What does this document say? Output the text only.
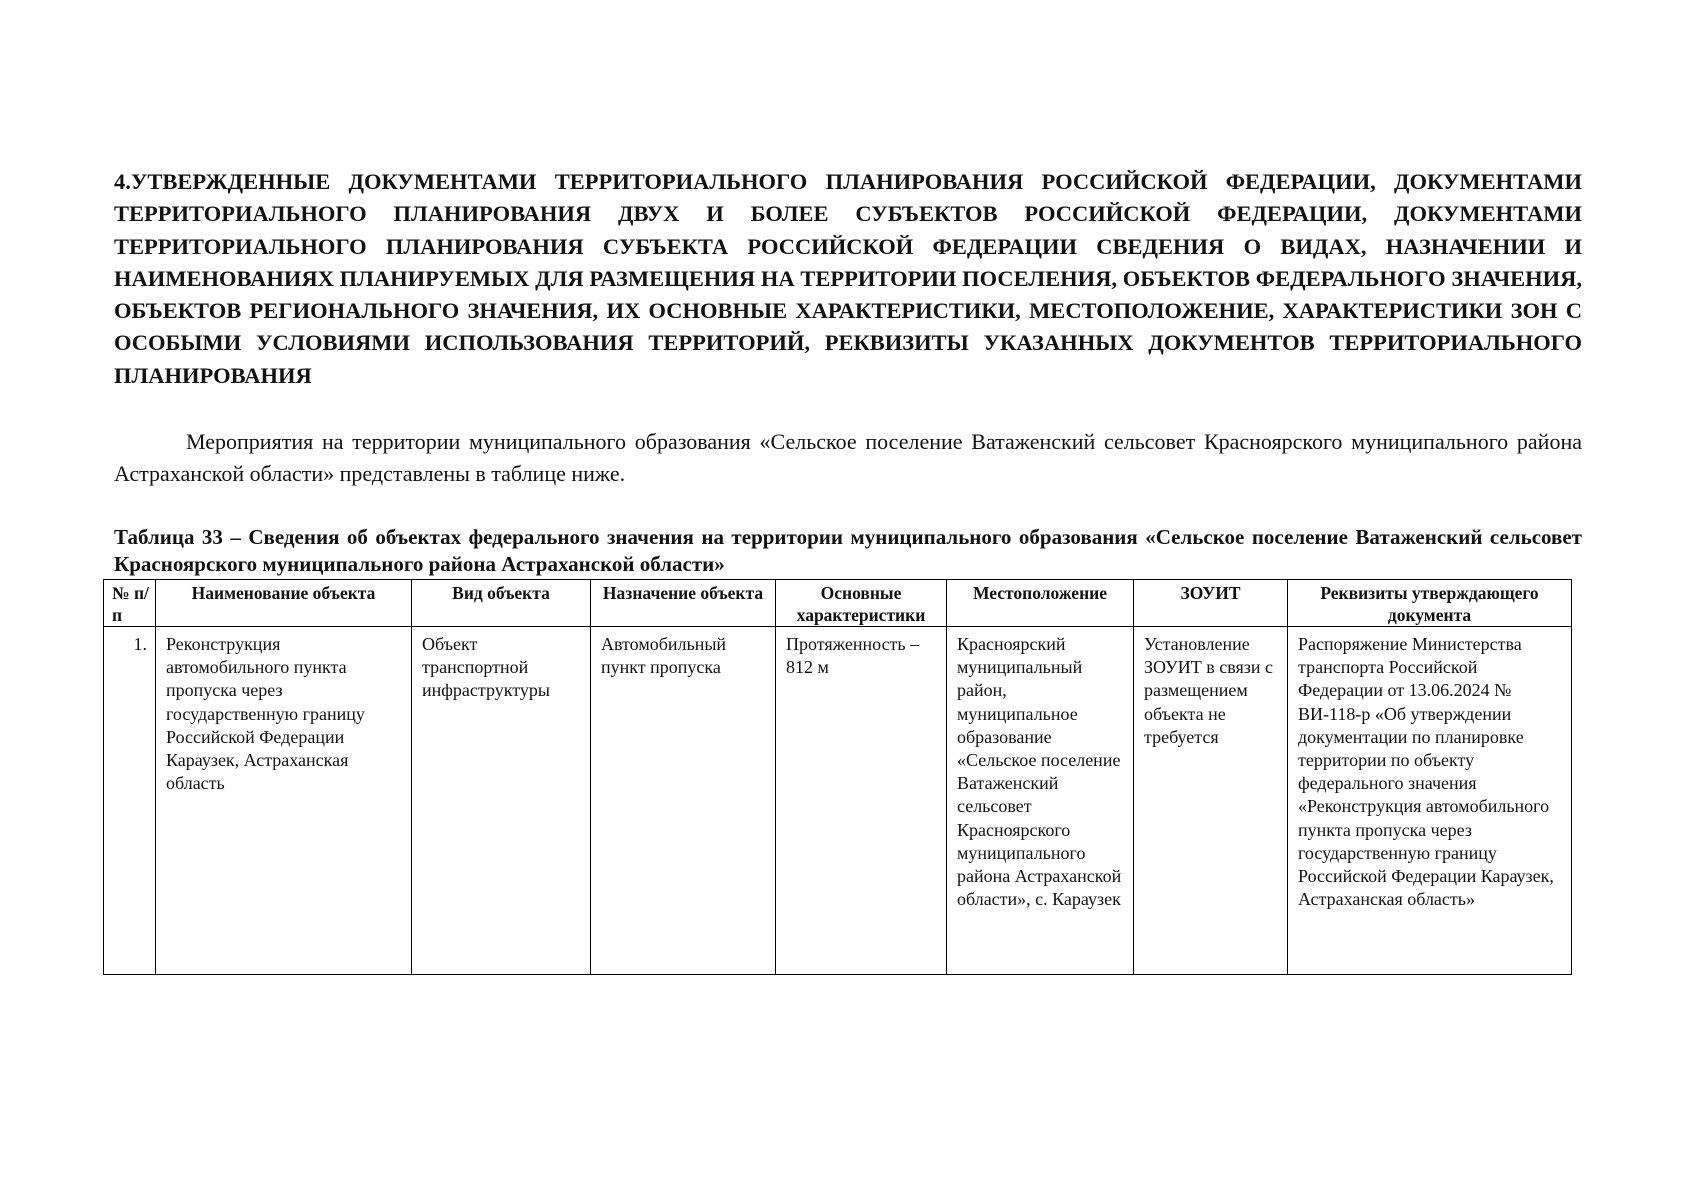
4.УТВЕРЖДЕННЫЕ ДОКУМЕНТАМИ ТЕРРИТОРИАЛЬНОГО ПЛАНИРОВАНИЯ РОССИЙСКОЙ ФЕДЕРАЦИИ, ДОКУМЕНТАМИ ТЕРРИТОРИАЛЬНОГО ПЛАНИРОВАНИЯ ДВУХ И БОЛЕЕ СУБЪЕКТОВ РОССИЙСКОЙ ФЕДЕРАЦИИ, ДОКУМЕНТАМИ ТЕРРИТОРИАЛЬНОГО ПЛАНИРОВАНИЯ СУБЪЕКТА РОССИЙСКОЙ ФЕДЕРАЦИИ СВЕДЕНИЯ О ВИДАХ, НАЗНАЧЕНИИ И НАИМЕНОВАНИЯХ ПЛАНИРУЕМЫХ ДЛЯ РАЗМЕЩЕНИЯ НА ТЕРРИТОРИИ ПОСЕЛЕНИЯ, ОБЪЕКТОВ ФЕДЕРАЛЬНОГО ЗНАЧЕНИЯ, ОБЪЕКТОВ РЕГИОНАЛЬНОГО ЗНАЧЕНИЯ, ИХ ОСНОВНЫЕ ХАРАКТЕРИСТИКИ, МЕСТОПОЛОЖЕНИЕ, ХАРАКТЕРИСТИКИ ЗОН С ОСОБЫМИ УСЛОВИЯМИ ИСПОЛЬЗОВАНИЯ ТЕРРИТОРИЙ, РЕКВИЗИТЫ УКАЗАННЫХ ДОКУМЕНТОВ ТЕРРИТОРИАЛЬНОГО ПЛАНИРОВАНИЯ

Мероприятия на территории муниципального образования «Сельское поселение Ватаженский сельсовет Красноярского муниципального района Астраханской области» представлены в таблице ниже.

Таблица 33 – Сведения об объектах федерального значения на территории муниципального образования «Сельское поселение Ватаженский сельсовет Красноярского муниципального района Астраханской области»

№ п/п	Наименование объекта	Вид объекта	Назначение объекта	Основные характеристики	Местоположение	ЗОУИТ	Реквизиты утверждающего документа
1.	Реконструкция автомобильного пункта пропуска через государственную границу Российской Федерации Караузек, Астраханская область	Объект транспортной инфраструктуры	Автомобильный пункт пропуска	Протяженность – 812 м	Красноярский муниципальный район, муниципальное образование «Сельское поселение Ватаженский сельсовет Красноярского муниципального района Астраханской области», с. Караузек	Установление ЗОУИТ в связи с размещением объекта не требуется	Распоряжение Министерства транспорта Российской Федерации от 13.06.2024 № ВИ-118-р «Об утверждении документации по планировке территории по объекту федерального значения «Реконструкция автомобильного пункта пропуска через государственную границу Российской Федерации Караузек, Астраханская область»
